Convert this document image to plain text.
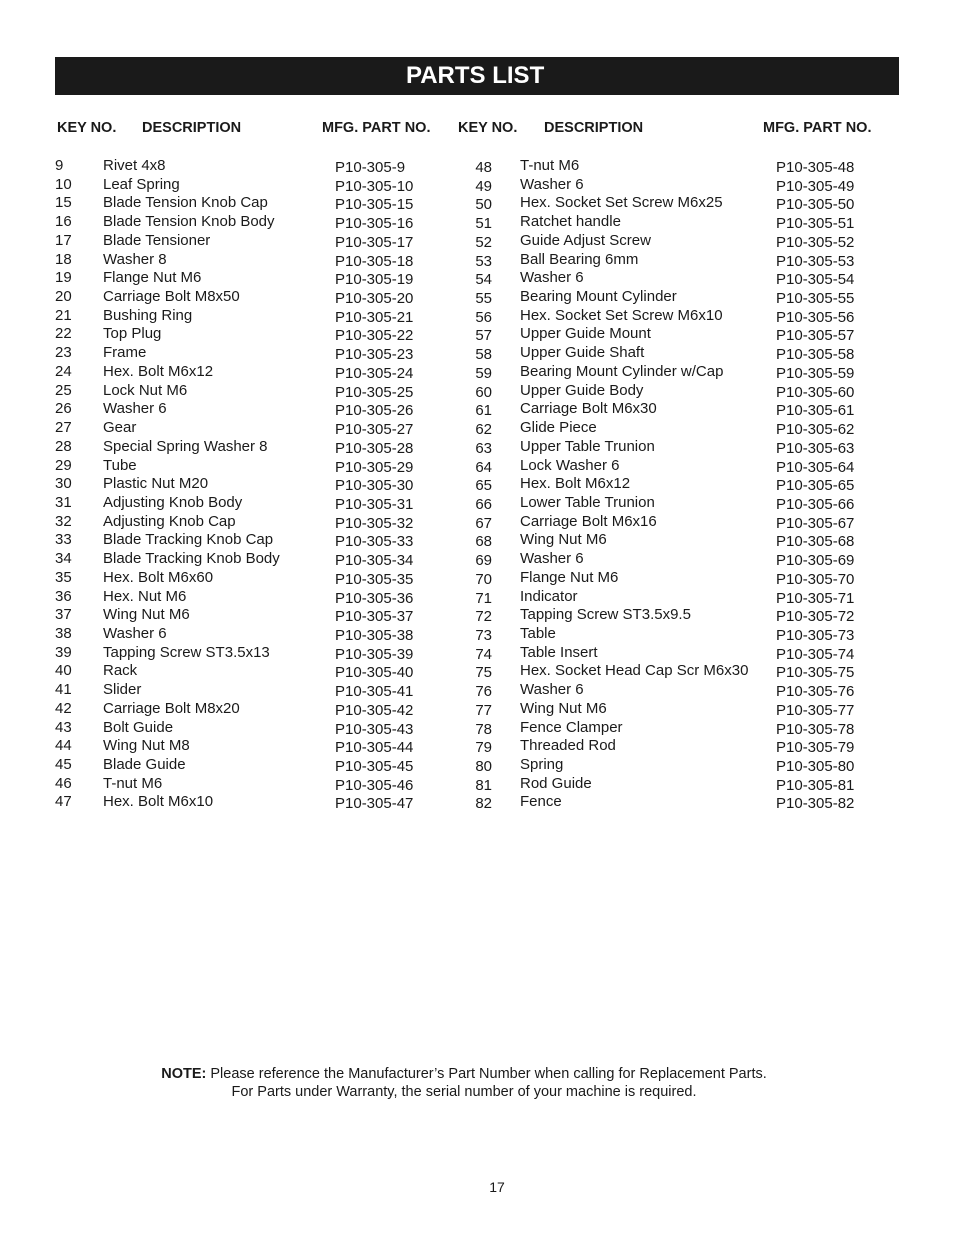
PARTS LIST
KEY NO. DESCRIPTION	MFG. PART NO. KEY NO. DESCRIPTION	MFG. PART NO.
9	Rivet 4x8	P10-305-9
10 Leaf Spring	P10-305-10
15 Blade Tension Knob Cap	P10-305-15
16 Blade Tension Knob Body	P10-305-16
17 Blade Tensioner	P10-305-17
18 Washer 8	P10-305-18
19 Flange Nut M6	P10-305-19
20 Carriage Bolt M8x50	P10-305-20
21 Bushing Ring	P10-305-21
22 Top Plug	P10-305-22
23 Frame	P10-305-23
24 Hex. Bolt M6x12	P10-305-24
25 Lock Nut M6	P10-305-25
26 Washer 6	P10-305-26
27 Gear	P10-305-27
28 Special Spring Washer 8	P10-305-28
29 Tube	P10-305-29
30 Plastic Nut M20	P10-305-30
31 Adjusting Knob Body	P10-305-31
32 Adjusting Knob Cap	P10-305-32
33 Blade Tracking Knob Cap	P10-305-33
34 Blade Tracking Knob Body	P10-305-34
35 Hex. Bolt M6x60	P10-305-35
36 Hex. Nut M6	P10-305-36
37 Wing Nut M6	P10-305-37
38 Washer 6	P10-305-38
39 Tapping Screw ST3.5x13	P10-305-39
40 Rack	P10-305-40
41 Slider	P10-305-41
42 Carriage Bolt M8x20	P10-305-42
43 Bolt Guide	P10-305-43
44 Wing Nut M8	P10-305-44
45 Blade Guide	P10-305-45
46 T-nut M6	P10-305-46
47 Hex. Bolt M6x10	P10-305-47
48 T-nut M6	P10-305-48
49 Washer 6	P10-305-49
50 Hex. Socket Set Screw M6x25	P10-305-50
51 Ratchet handle	P10-305-51
52 Guide Adjust Screw	P10-305-52
53 Ball Bearing 6mm	P10-305-53
54 Washer 6	P10-305-54
55 Bearing Mount Cylinder	P10-305-55
56 Hex. Socket Set Screw M6x10	P10-305-56
57 Upper Guide Mount	P10-305-57
58 Upper Guide Shaft	P10-305-58
59 Bearing Mount Cylinder w/Cap	P10-305-59
60 Upper Guide Body	P10-305-60
61 Carriage Bolt M6x30	P10-305-61
62 Glide Piece	P10-305-62
63 Upper Table Trunion	P10-305-63
64 Lock Washer 6	P10-305-64
65 Hex. Bolt M6x12	P10-305-65
66 Lower Table Trunion	P10-305-66
67 Carriage Bolt M6x16	P10-305-67
68 Wing Nut M6	P10-305-68
69 Washer 6	P10-305-69
70 Flange Nut M6	P10-305-70
71 Indicator	P10-305-71
72 Tapping Screw ST3.5x9.5	P10-305-72
73 Table	P10-305-73
74 Table Insert	P10-305-74
75 Hex. Socket Head Cap Scr M6x30 P10-305-75
76 Washer 6	P10-305-76
77 Wing Nut M6	P10-305-77
78 Fence Clamper	P10-305-78
79 Threaded Rod	P10-305-79
80 Spring	P10-305-80
81 Rod Guide	P10-305-81
82 Fence	P10-305-82
NOTE: Please reference the Manufacturer’s Part Number when calling for Replacement Parts.
For Parts under Warranty, the serial number of your machine is required.
17
